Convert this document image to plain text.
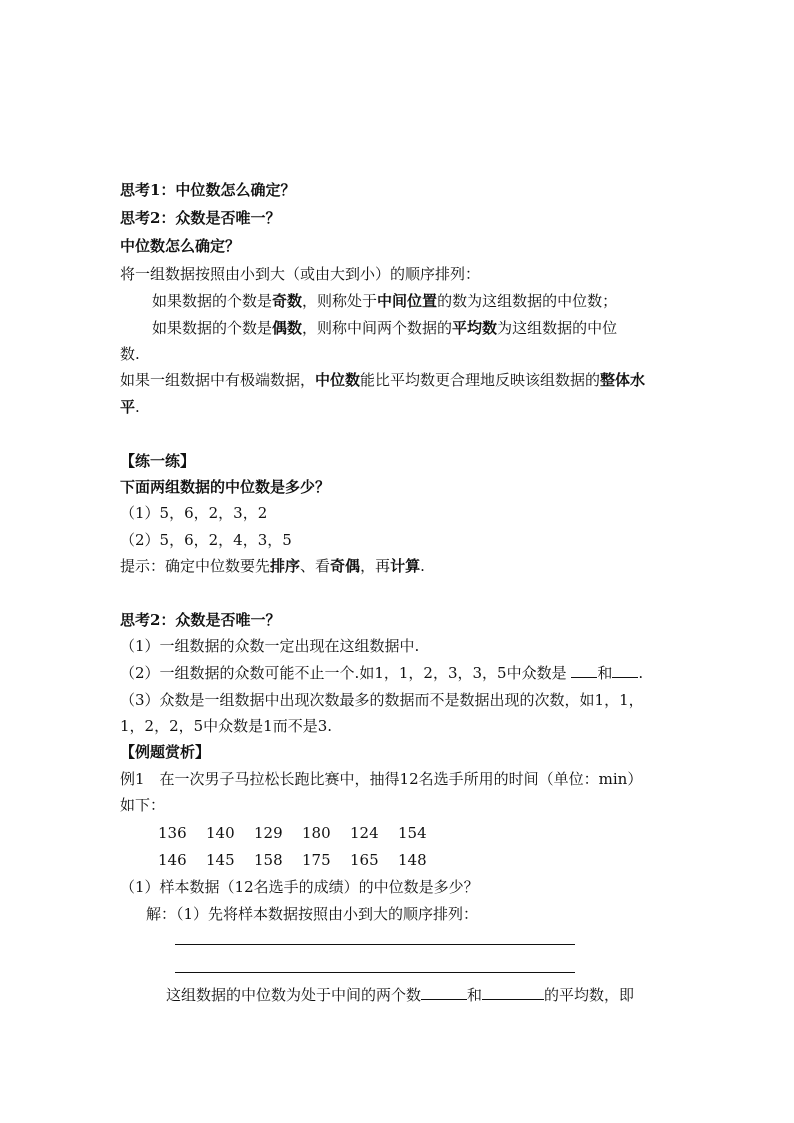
思考1：中位数怎么确定？
思考2：众数是否唯一？
中位数怎么确定？
将一组数据按照由小到大（或由大到小）的顺序排列：
如果数据的个数是奇数，则称处于中间位置的数为这组数据的中位数；
如果数据的个数是偶数，则称中间两个数据的平均数为这组数据的中位
数.
如果一组数据中有极端数据，中位数能比平均数更合理地反映该组数据的整体水
平.
【练一练】
下面两组数据的中位数是多少？
（1）5，6，2，3，2
（2）5，6，2，4，3，5
提示：确定中位数要先排序、看奇偶，再计算.
思考2：众数是否唯一？
（1）一组数据的众数一定出现在这组数据中.
（2）一组数据的众数可能不止一个.如1，1，2，3，3，5中众数是 和 .
（3）众数是一组数据中出现次数最多的数据而不是数据出现的次数，如1，1，
1，2，2，5中众数是1而不是3.
【例题赏析】
例1　在一次男子马拉松长跑比赛中，抽得12名选手所用的时间（单位：min）
如下：
136 140 129 180 124 154
146 145 158 175 165 148
（1）样本数据（12名选手的成绩）的中位数是多少？
解：（1）先将样本数据按照由小到大的顺序排列：
这组数据的中位数为处于中间的两个数	和	的平均数，即
